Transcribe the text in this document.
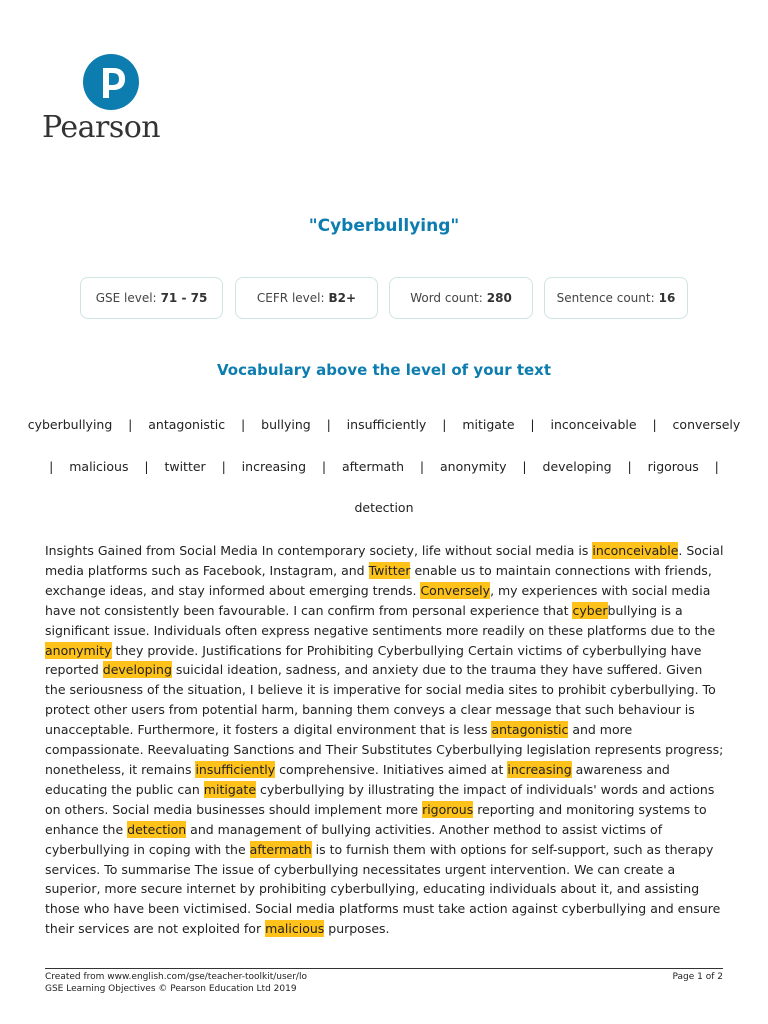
Pearson
"Cyberbullying"
GSE level: 71 - 75	CEFR level: B2+	Word count: 280	Sentence count: 16
Vocabulary above the level of your text
cyberbullying    |    antagonistic    |    bullying    |    insufficiently    |    mitigate    |    inconceivable    |    conversely
|    malicious    |    twitter    |    increasing    |    aftermath    |    anonymity    |    developing    |    rigorous    |
detection
Insights Gained from Social Media In contemporary society, life without social media is inconceivable. Social media platforms such as Facebook, Instagram, and Twitter enable us to maintain connections with friends, exchange ideas, and stay informed about emerging trends. Conversely, my experiences with social media have not consistently been favourable. I can confirm from personal experience that cyberbullying is a significant issue. Individuals often express negative sentiments more readily on these platforms due to the anonymity they provide. Justifications for Prohibiting Cyberbullying Certain victims of cyberbullying have reported developing suicidal ideation, sadness, and anxiety due to the trauma they have suffered. Given the seriousness of the situation, I believe it is imperative for social media sites to prohibit cyberbullying. To protect other users from potential harm, banning them conveys a clear message that such behaviour is unacceptable. Furthermore, it fosters a digital environment that is less antagonistic and more compassionate. Reevaluating Sanctions and Their Substitutes Cyberbullying legislation represents progress; nonetheless, it remains insufficiently comprehensive. Initiatives aimed at increasing awareness and educating the public can mitigate cyberbullying by illustrating the impact of individuals' words and actions on others. Social media businesses should implement more rigorous reporting and monitoring systems to enhance the detection and management of bullying activities. Another method to assist victims of cyberbullying in coping with the aftermath is to furnish them with options for self-support, such as therapy services. To summarise The issue of cyberbullying necessitates urgent intervention. We can create a superior, more secure internet by prohibiting cyberbullying, educating individuals about it, and assisting those who have been victimised. Social media platforms must take action against cyberbullying and ensure their services are not exploited for malicious purposes.
Created from www.english.com/gse/teacher-toolkit/user/lo
GSE Learning Objectives © Pearson Education Ltd 2019
Page 1 of 2
